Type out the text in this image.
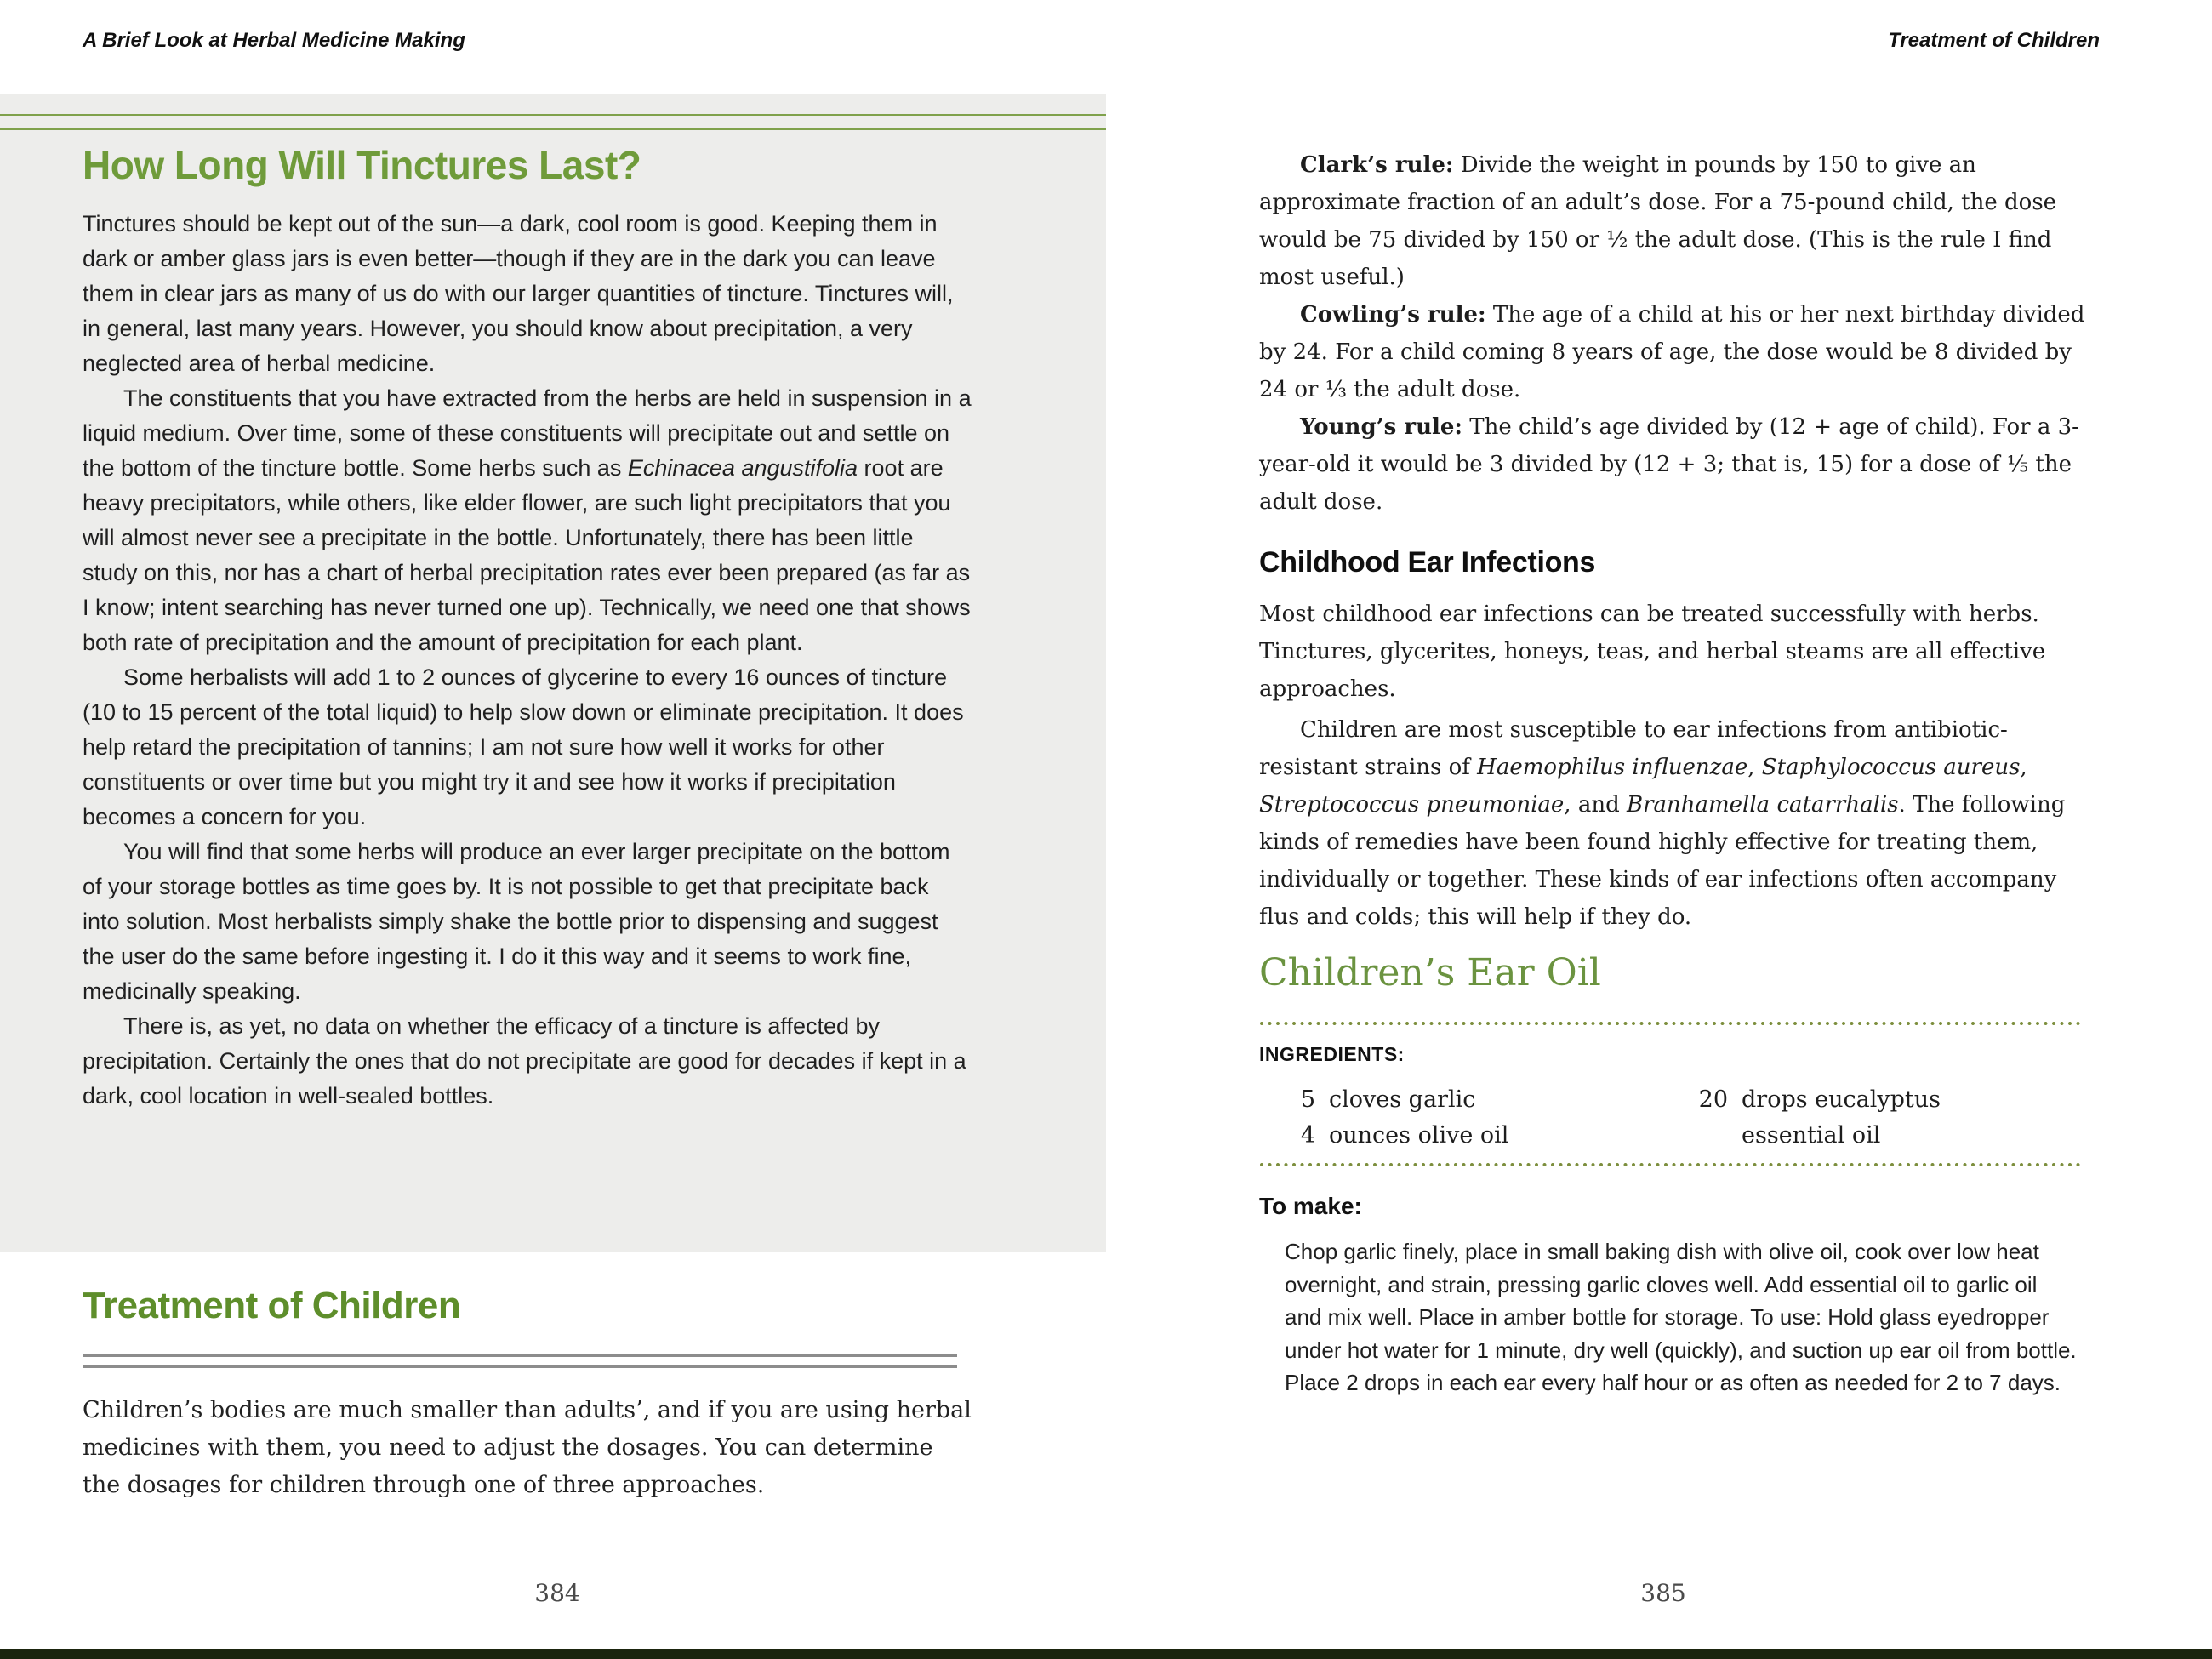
A Brief Look at Herbal Medicine Making	Treatment of Children
How Long Will Tinctures Last?

Tinctures should be kept out of the sun—a dark, cool room is good. Keeping them in dark or amber glass jars is even better—though if they are in the dark you can leave them in clear jars as many of us do with our larger quantities of tincture. Tinctures will, in general, last many years. However, you should know about precipitation, a very neglected area of herbal medicine.

The constituents that you have extracted from the herbs are held in suspension in a liquid medium. Over time, some of these constituents will precipitate out and settle on the bottom of the tincture bottle. Some herbs such as Echinacea angustifolia root are heavy precipitators, while others, like elder flower, are such light precipitators that you will almost never see a precipitate in the bottle. Unfortunately, there has been little study on this, nor has a chart of herbal precipitation rates ever been prepared (as far as I know; intent searching has never turned one up). Technically, we need one that shows both rate of precipitation and the amount of precipitation for each plant.

Some herbalists will add 1 to 2 ounces of glycerine to every 16 ounces of tincture (10 to 15 percent of the total liquid) to help slow down or eliminate precipitation. It does help retard the precipitation of tannins; I am not sure how well it works for other constituents or over time but you might try it and see how it works if precipitation becomes a concern for you.

You will find that some herbs will produce an ever larger precipitate on the bottom of your storage bottles as time goes by. It is not possible to get that precipitate back into solution. Most herbalists simply shake the bottle prior to dispensing and suggest the user do the same before ingesting it. I do it this way and it seems to work fine, medicinally speaking.

There is, as yet, no data on whether the efficacy of a tincture is affected by precipitation. Certainly the ones that do not precipitate are good for decades if kept in a dark, cool location in well-sealed bottles.

Treatment of Children

Children’s bodies are much smaller than adults’, and if you are using herbal medicines with them, you need to adjust the dosages. You can determine the dosages for children through one of three approaches.

Clark’s rule: Divide the weight in pounds by 150 to give an approximate fraction of an adult’s dose. For a 75-pound child, the dose would be 75 divided by 150 or ½ the adult dose. (This is the rule I find most useful.)

Cowling’s rule: The age of a child at his or her next birthday divided by 24. For a child coming 8 years of age, the dose would be 8 divided by 24 or ⅓ the adult dose.

Young’s rule: The child’s age divided by (12 + age of child). For a 3-year-old it would be 3 divided by (12 + 3; that is, 15) for a dose of ⅕ the adult dose.

Childhood Ear Infections

Most childhood ear infections can be treated successfully with herbs. Tinctures, glycerites, honeys, teas, and herbal steams are all effective approaches.

Children are most susceptible to ear infections from antibiotic-resistant strains of Haemophilus influenzae, Staphylococcus aureus, Streptococcus pneumoniae, and Branhamella catarrhalis. The following kinds of remedies have been found highly effective for treating them, individually or together. These kinds of ear infections often accompany flus and colds; this will help if they do.

Children’s Ear Oil
INGREDIENTS:
5 cloves garlic
4 ounces olive oil
20 drops eucalyptus essential oil
To make:
Chop garlic finely, place in small baking dish with olive oil, cook over low heat overnight, and strain, pressing garlic cloves well. Add essential oil to garlic oil and mix well. Place in amber bottle for storage. To use: Hold glass eyedropper under hot water for 1 minute, dry well (quickly), and suction up ear oil from bottle. Place 2 drops in each ear every half hour or as often as needed for 2 to 7 days.
384	385
